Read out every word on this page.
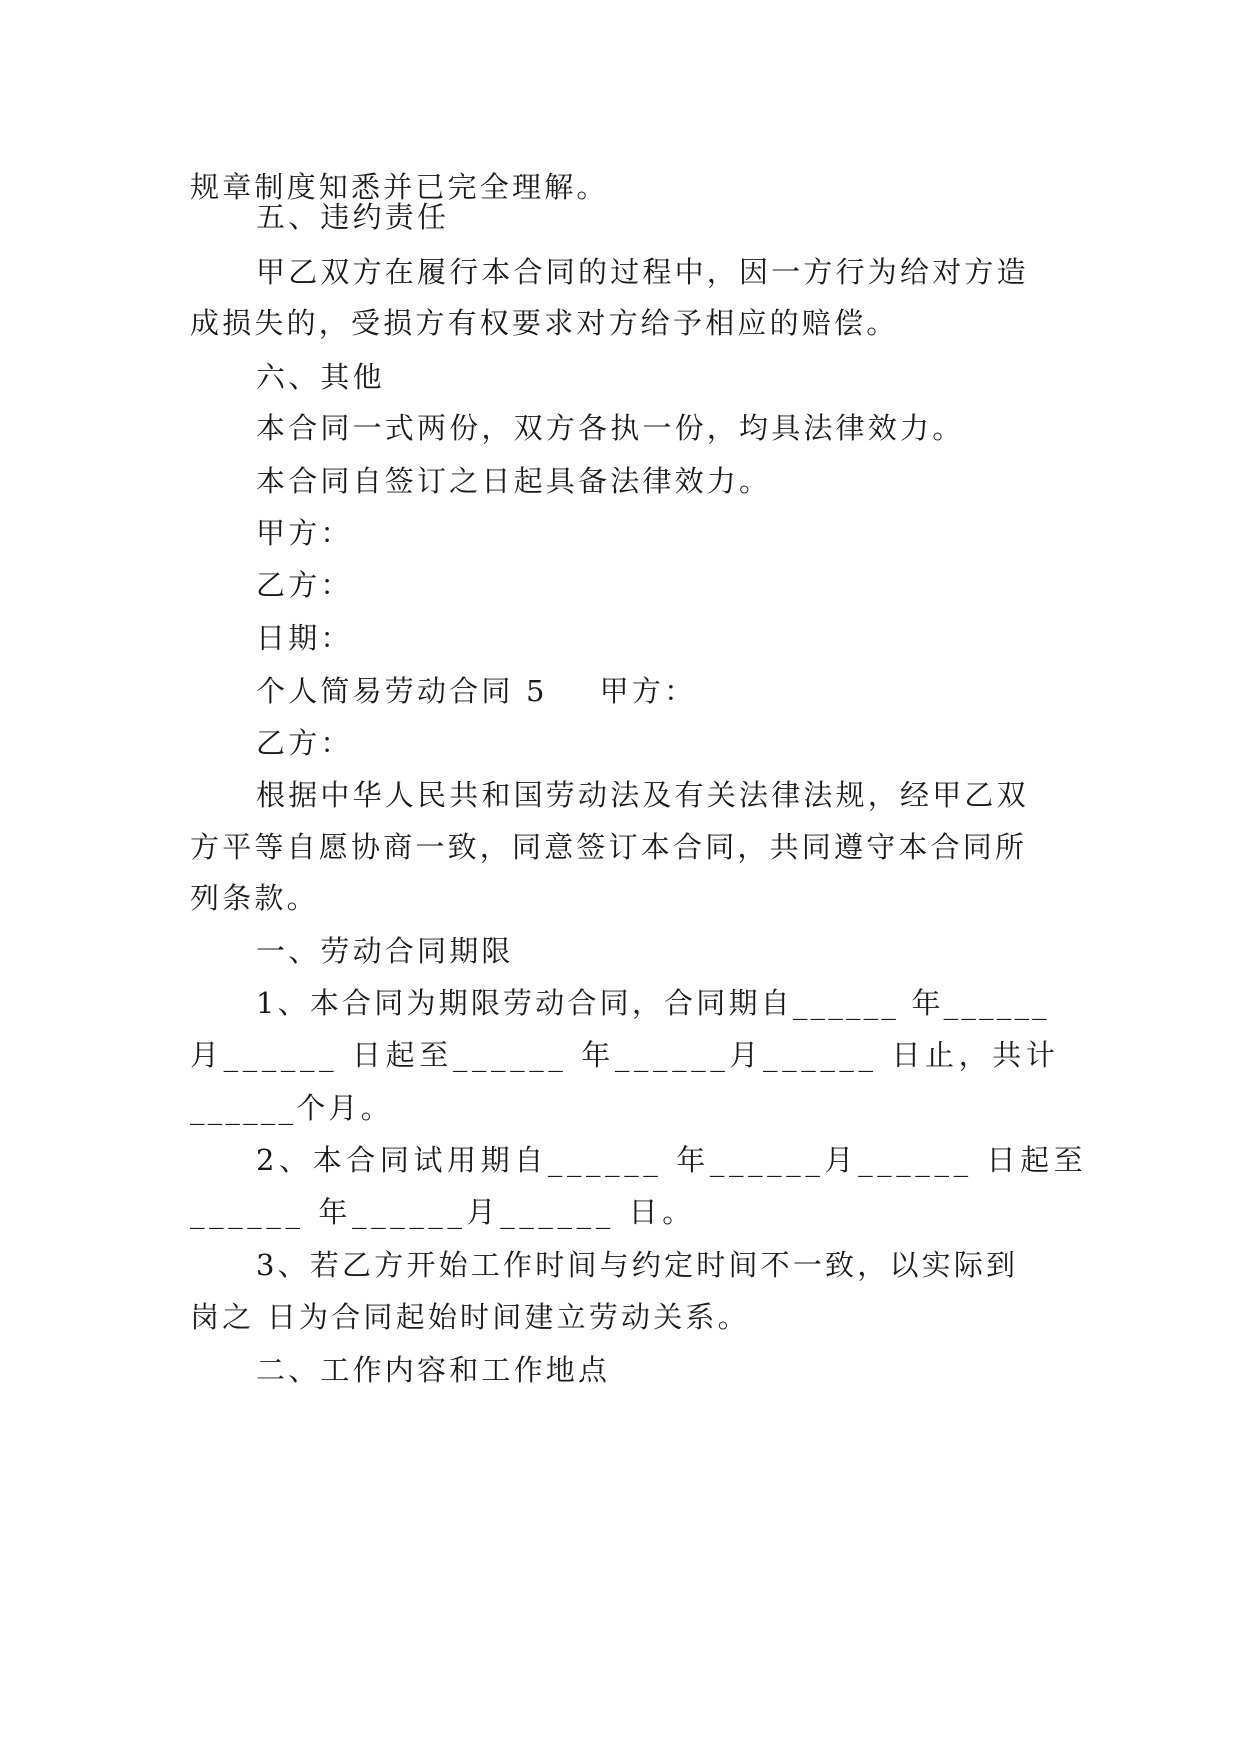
规章制度知悉并已完全理解。
五、违约责任
甲乙双方在履行本合同的过程中，因一方行为给对方造
成损失的，受损方有权要求对方给予相应的赔偿。
六、其他
本合同一式两份，双方各执一份，均具法律效力。
本合同自签订之日起具备法律效力。
甲方：
乙方：
日期：
个人简易劳动合同 5 甲方：
乙方：
根据中华人民共和国劳动法及有关法律法规，经甲乙双
方平等自愿协商一致，同意签订本合同，共同遵守本合同所
列条款。
一、劳动合同期限
1、本合同为期限劳动合同，合同期自______ 年______
月______ 日起至______ 年______月______ 日止，共计
______个月。
2、本合同试用期自______ 年______月______ 日起至
______ 年______月______ 日。
3、若乙方开始工作时间与约定时间不一致，以实际到
岗之 日为合同起始时间建立劳动关系。
二、工作内容和工作地点
